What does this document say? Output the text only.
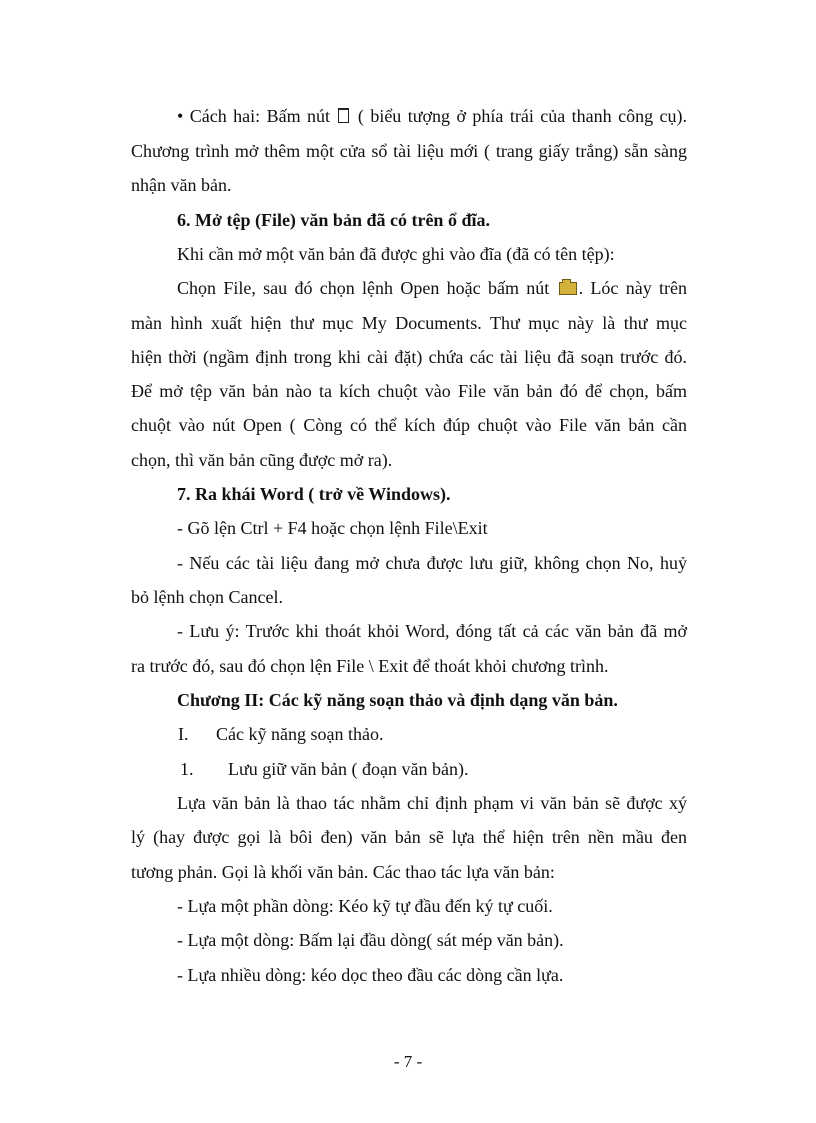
• Cách hai: Bấm nút ( biểu tượng ở phía trái của thanh công cụ).
Chương trình mở thêm một cửa sổ tài liệu mới ( trang giấy trắng) sẵn sàng
nhận văn bản.
6. Mở tệp (File) văn bản đã có trên ổ đĩa.
Khi cần mở một văn bản đã được ghi vào đĩa (đã có tên tệp):
Chọn File, sau đó chọn lệnh Open hoặc bấm nút . Lóc này trên
màn hình xuất hiện thư mục My Documents. Thư mục này là thư mục
hiện thời (ngầm định trong khi cài đặt) chứa các tài liệu đã soạn trước đó.
Để mở tệp văn bản nào ta kích chuột vào File văn bản đó để chọn, bấm
chuột vào nút Open ( Còng có thể kích đúp chuột vào File văn bản cần
chọn, thì văn bản cũng được mở ra).
7. Ra khái Word ( trở về Windows).
- Gõ lện Ctrl + F4 hoặc chọn lệnh File\Exit
- Nếu các tài liệu đang mở chưa được lưu giữ, không chọn No, huỷ
bỏ lệnh chọn Cancel.
- Lưu ý: Trước khi thoát khỏi Word, đóng tất cả các văn bản đã mở
ra trước đó, sau đó chọn lện File \ Exit để thoát khỏi chương trình.
Chương II: Các kỹ năng soạn thảo và định dạng văn bản.
I. Các kỹ năng soạn thảo.
1. Lưu giữ văn bản ( đoạn văn bản).
Lựa văn bản là thao tác nhằm chỉ định phạm vi văn bản sẽ được xý
lý (hay được gọi là bôi đen) văn bản sẽ lựa thể hiện trên nền mầu đen
tương phản. Gọi là khối văn bản. Các thao tác lựa văn bản:
- Lựa một phần dòng: Kéo kỹ tự đầu đến ký tự cuối.
- Lựa một dòng: Bấm lại đầu dòng( sát mép văn bản).
- Lựa nhiều dòng: kéo dọc theo đầu các dòng cần lựa.
- 7 -
